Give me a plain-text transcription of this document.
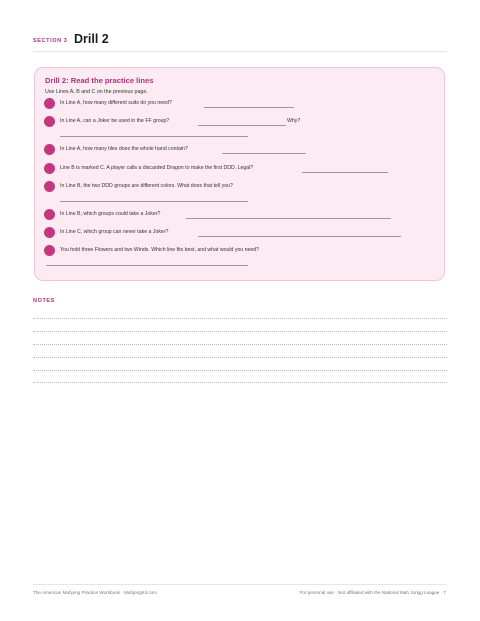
SECTION 3 Drill 2
Drill 2: Read the practice lines
Use Lines A, B and C on the previous page.
In Line A, how many different suits do you need?
In Line A, can a Joker be used in the FF group?	Why?
In Line A, how many tiles does the whole hand contain?
Line B is marked C. A player calls a discarded Dragon to make the first DDD. Legal?
In Line B, the two DDD groups are different colors. What does that tell you?
In Line B, which groups could take a Joker?
In Line C, which group can never take a Joker?
You hold three Flowers and two Winds. Which line fits best, and what would you need?
NOTES
The American Mahjong Practice Workbook · MahjongKit.com	For personal use · Not affiliated with the National Mah Jongg League · 7
